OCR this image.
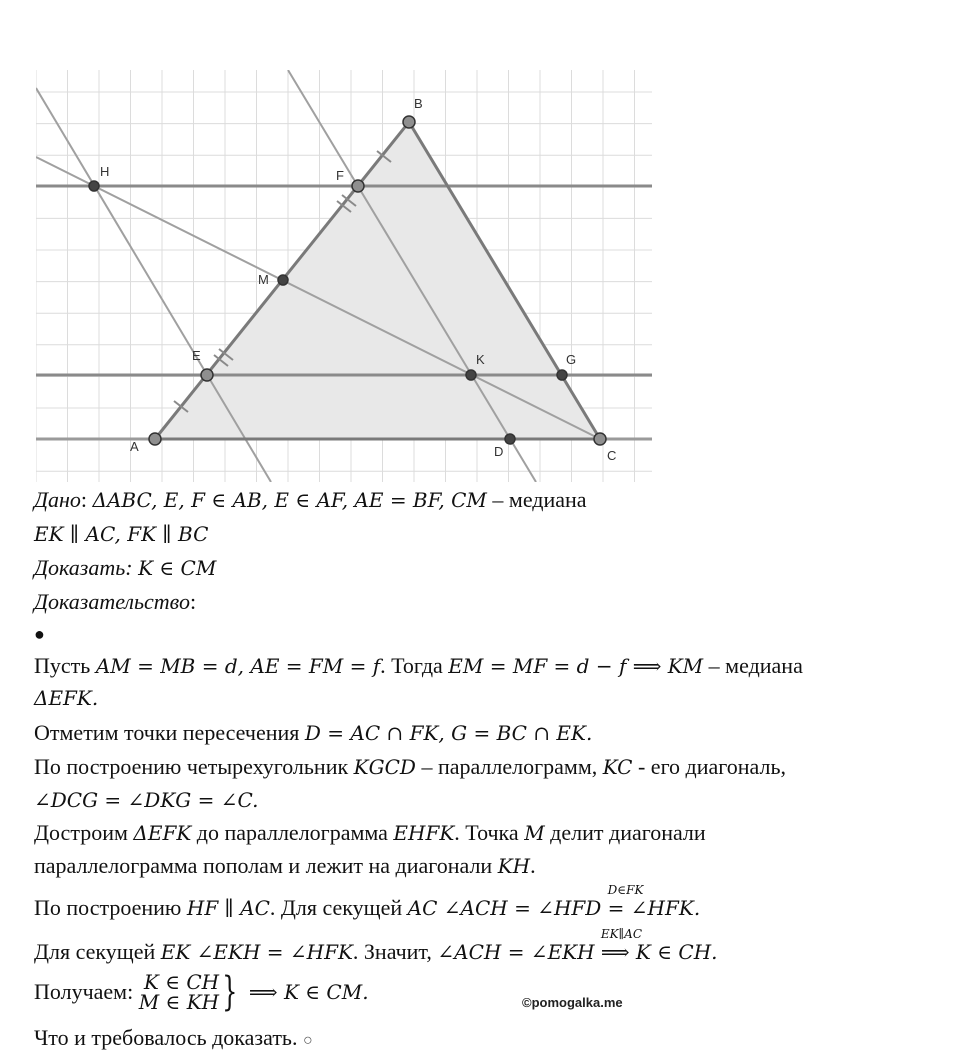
A
B
C
D
E
F
G
H
K
M
Дано: ΔABC, E, F ∈ AB, E ∈ AF, AE = BF, CM – медиана
EK ∥ AC, FK ∥ BC
Доказать: K ∈ CM
Доказательство:
●
Пусть AM = MB = d, AE = FM = f. Тогда EM = MF = d − f ⟹ KM – медиана
ΔEFK.
Отметим точки пересечения D = AC ∩ FK, G = BC ∩ EK.
По построению четырехугольник KGCD – параллелограмм, KC - его диагональ,
∠DCG = ∠DKG = ∠C.
Достроим ΔEFK до параллелограмма EHFK. Точка M делит диагонали
параллелограмма пополам и лежит на диагонали KH.
По построению HF ∥ AC. Для секущей AC ∠ACH = ∠HFD
D∈FK
= ∠HFK.
Для секущей EK ∠EKH = ∠HFK. Значит, ∠ACH = ∠EKH
EK∥AC
⟹ K ∈ CH.
Получаем: K ∈ CH
M ∈ KH} ⟹ K ∈ CM.	©pomogalka.me
Что и требовалось доказать. ○
